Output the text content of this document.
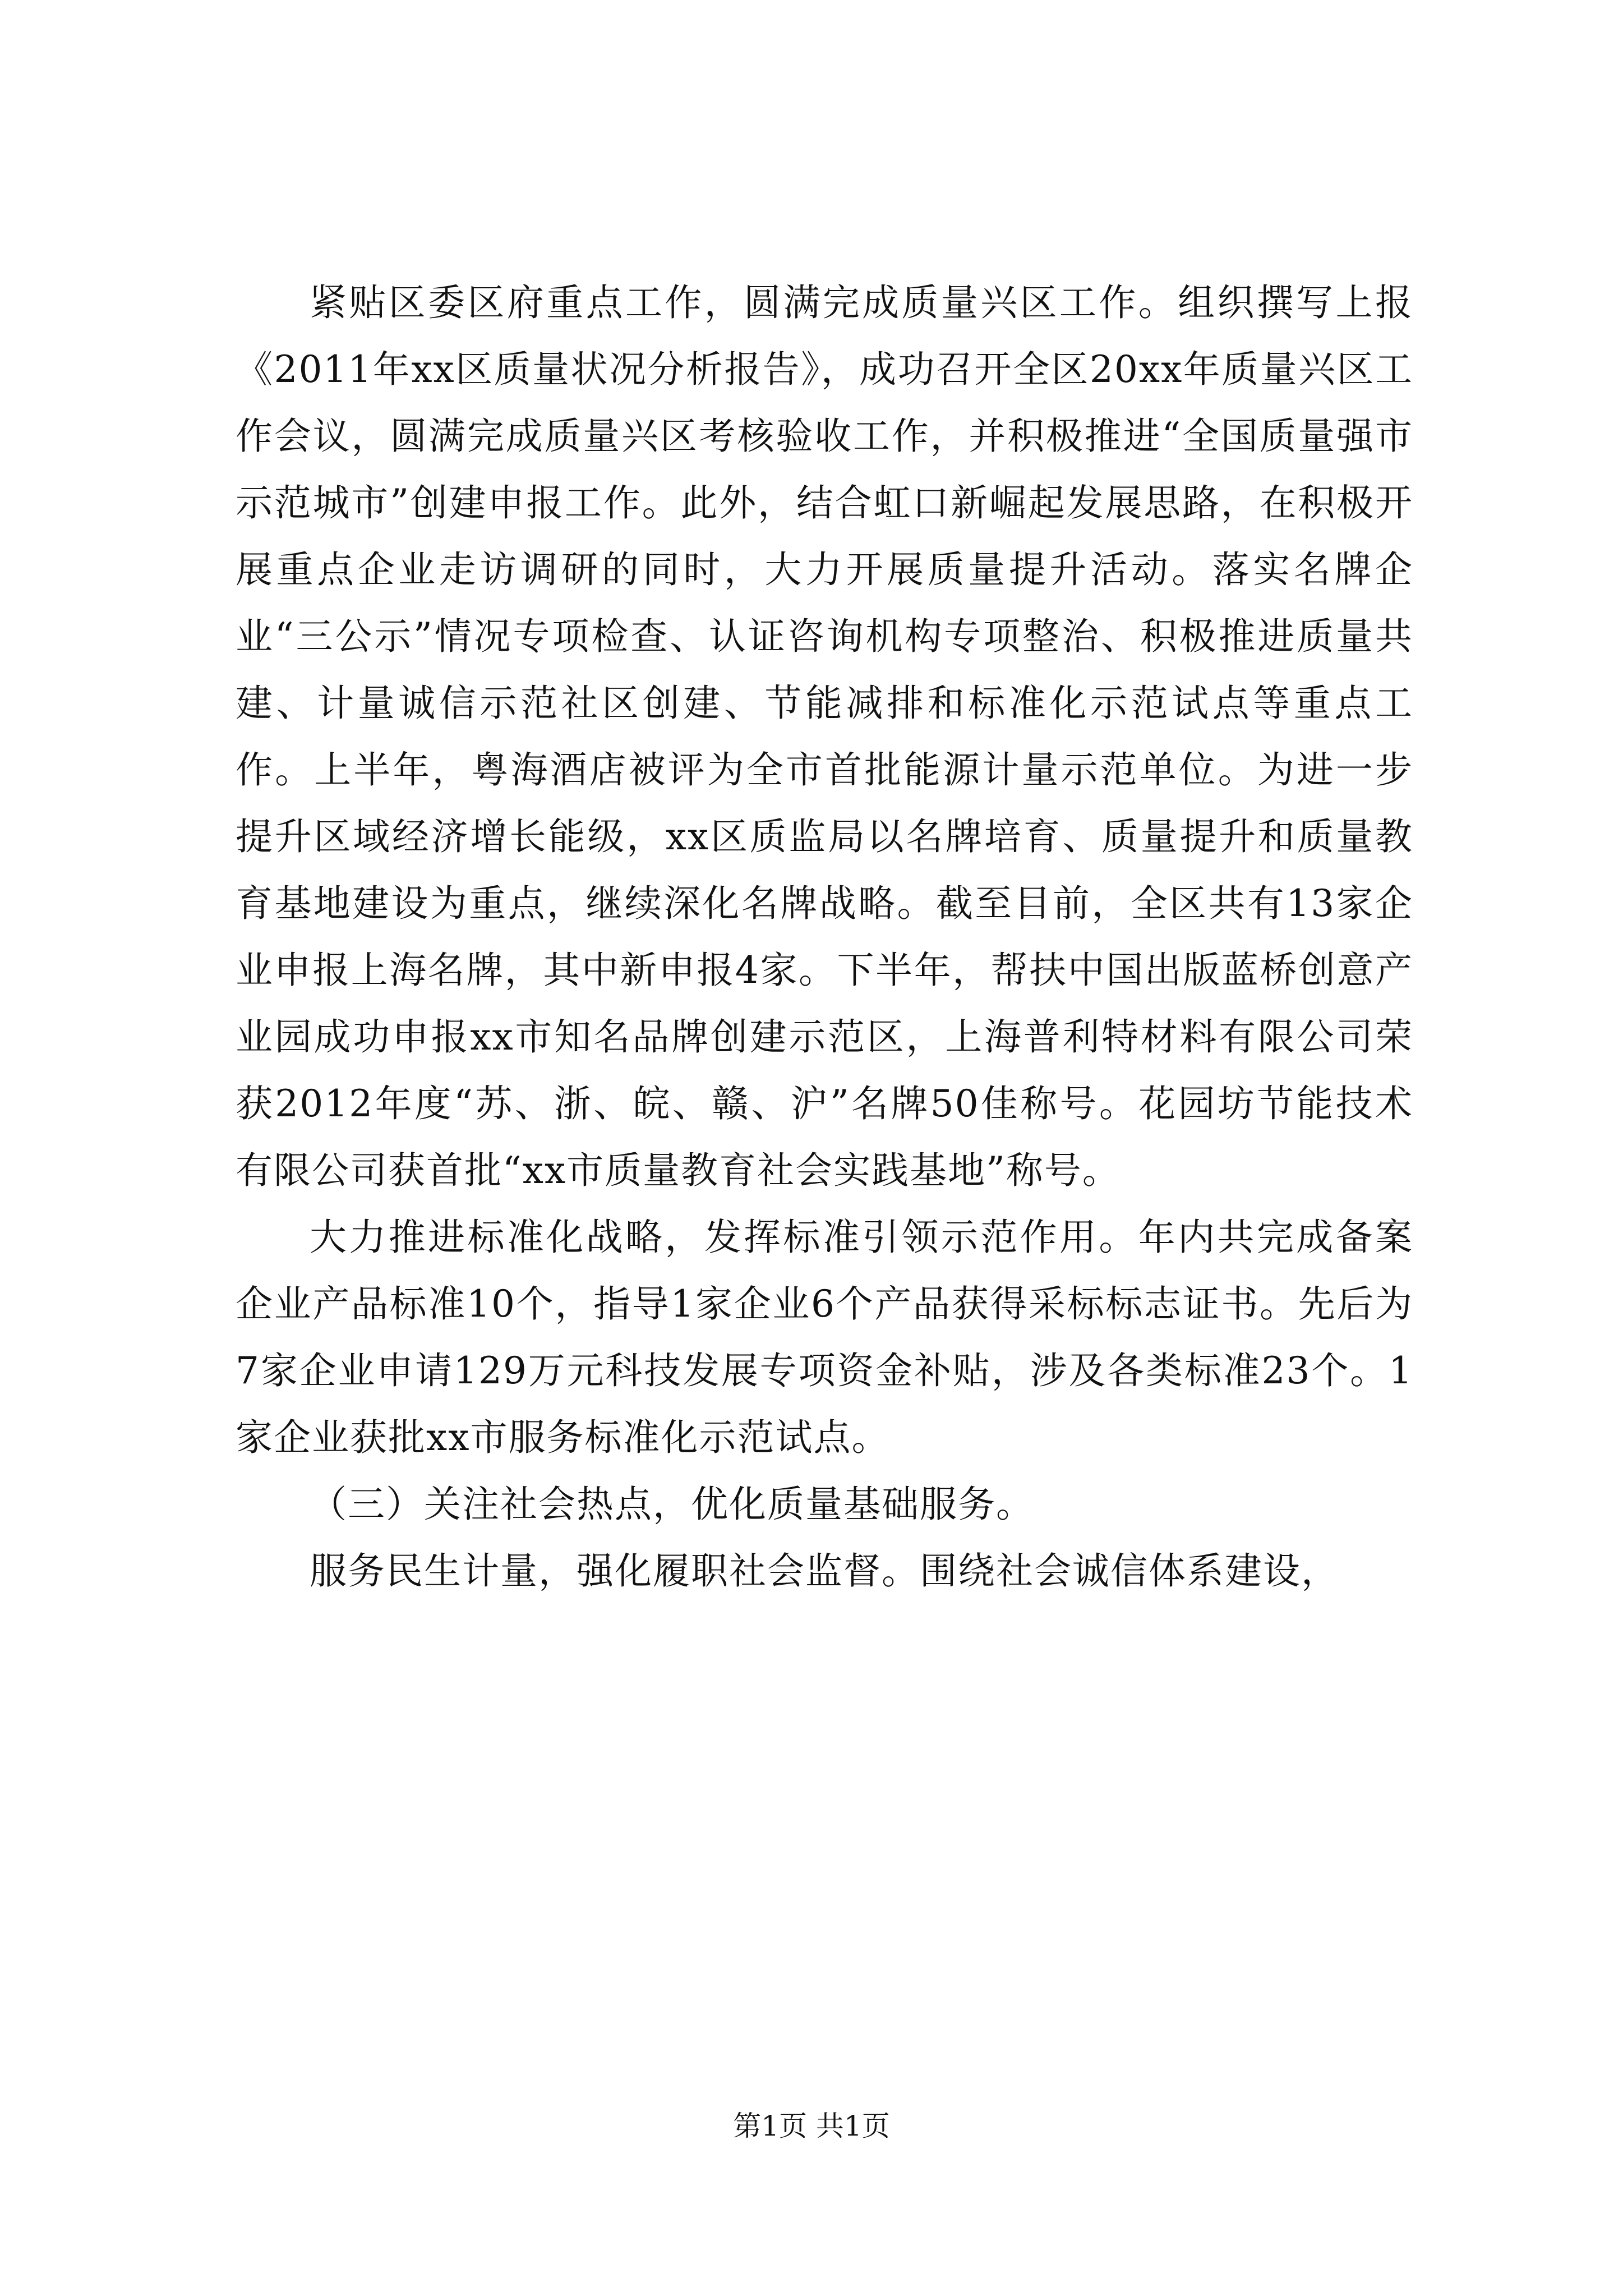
紧贴区委区府重点工作，圆满完成质量兴区工作。组织撰写上报《2011年xx区质量状况分析报告》，成功召开全区20xx年质量兴区工作会议，圆满完成质量兴区考核验收工作，并积极推进“全国质量强市示范城市”创建申报工作。此外，结合虹口新崛起发展思路，在积极开展重点企业走访调研的同时，大力开展质量提升活动。落实名牌企业“三公示”情况专项检查、认证咨询机构专项整治、积极推进质量共建、计量诚信示范社区创建、节能减排和标准化示范试点等重点工作。上半年，粤海酒店被评为全市首批能源计量示范单位。为进一步提升区域经济增长能级，xx区质监局以名牌培育、质量提升和质量教育基地建设为重点，继续深化名牌战略。截至目前，全区共有13家企业申报上海名牌，其中新申报4家。下半年，帮扶中国出版蓝桥创意产业园成功申报xx市知名品牌创建示范区，上海普利特材料有限公司荣获2012年度“苏、浙、皖、赣、沪”名牌50佳称号。花园坊节能技术有限公司获首批“xx市质量教育社会实践基地”称号。

大力推进标准化战略，发挥标准引领示范作用。年内共完成备案企业产品标准10个，指导1家企业6个产品获得采标标志证书。先后为7家企业申请129万元科技发展专项资金补贴，涉及各类标准23个。1家企业获批xx市服务标准化示范试点。

（三）关注社会热点，优化质量基础服务。

服务民生计量，强化履职社会监督。围绕社会诚信体系建设，

第1页 共1页
